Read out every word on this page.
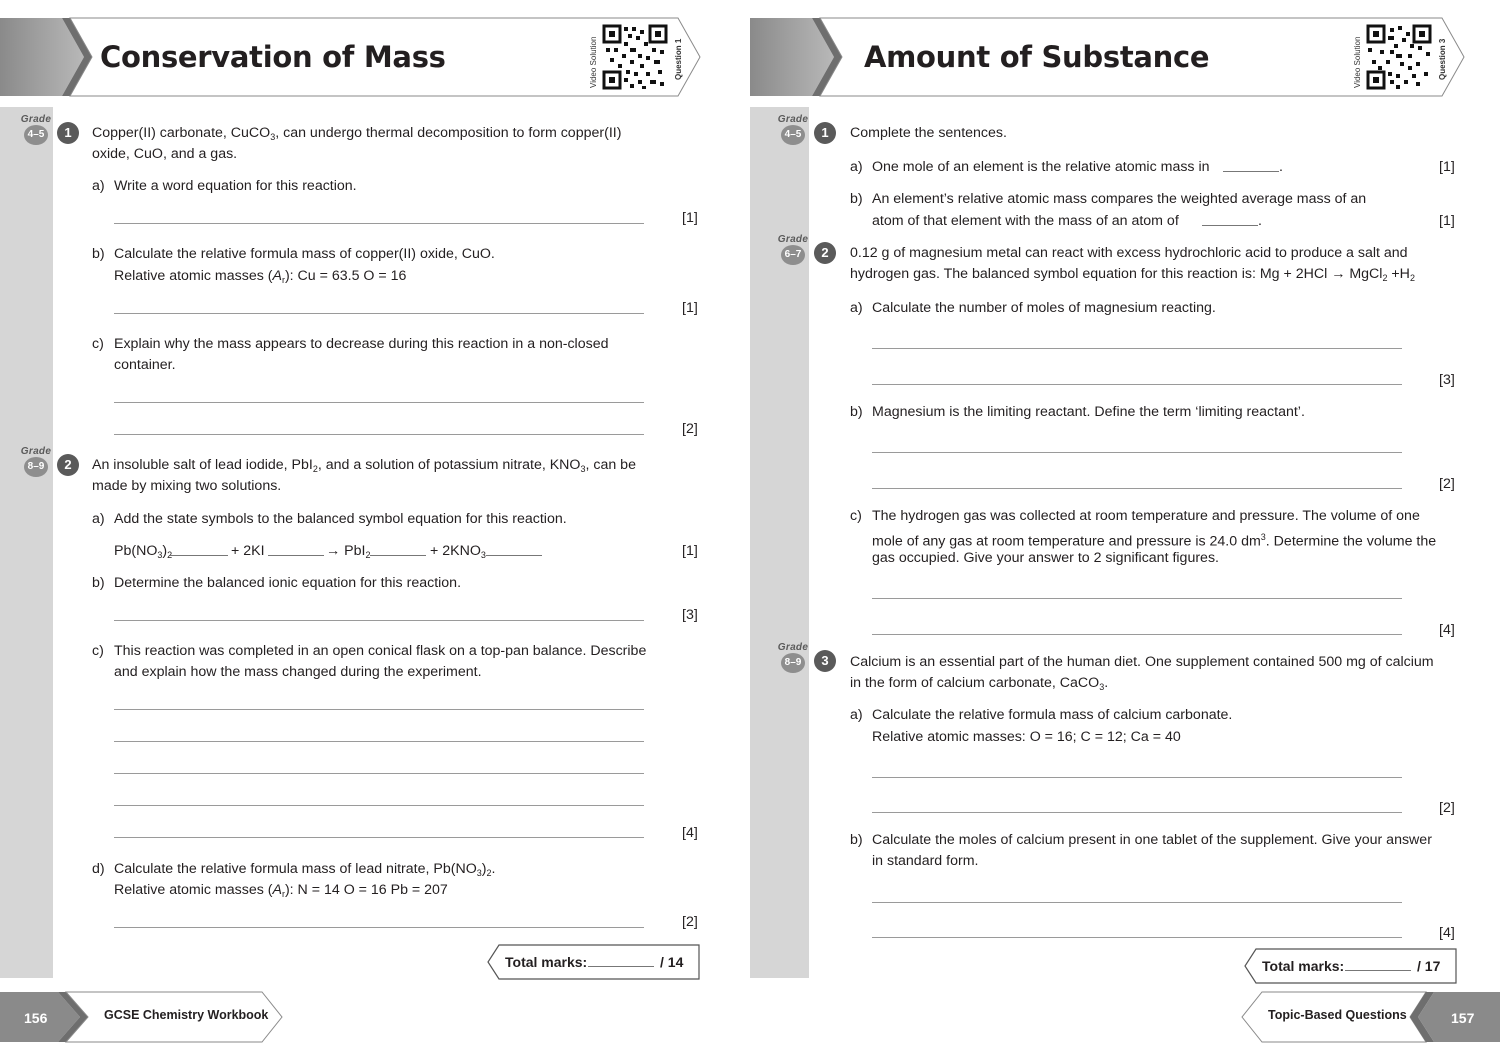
Conservation of Mass	Video Solution	Question 1
Grade
4–5	1	Copper(II) carbonate, CuCO$_3$, can undergo thermal decomposition to form copper(II)
oxide, CuO, and a gas.
a) Write a word equation for this reaction.
[1]
b) Calculate the relative formula mass of copper(II) oxide, CuO.
Relative atomic masses $(A_r)$: Cu = 63.5 O = 16
[1]
c) Explain why the mass appears to decrease during this reaction in a non-closed
container.
[2]
Grade
8–9	2	An insoluble salt of lead iodide, PbI$_2$, and a solution of potassium nitrate, $KNO_3$, can be
made by mixing two solutions.
a) Add the state symbols to the balanced symbol equation for this reaction.
$Pb(NO_3)_2$	+ 2KI	→ PbI$_2$	+ $2KNO_3$	[1]
b) Determine the balanced ionic equation for this reaction.
[3]
c) This reaction was completed in an open conical flask on a top-pan balance. Describe
and explain how the mass changed during the experiment.
[4]
d) Calculate the relative formula mass of lead nitrate, $Pb(NO_3)_2$.
Relative atomic masses $(A_r)$: N = 14 O = 16 Pb = 207
[2]
Total marks:	/ 14
156	GCSE Chemistry Workbook
Amount of Substance	Video Solution	Question 3
Grade
4–5	1	Complete the sentences.
a) One mole of an element is the relative atomic mass in	.	[1]
b) An element’s relative atomic mass compares the weighted average mass of an
atom of that element with the mass of an atom of	.	[1]
Grade
6–7	2	0.12 g of magnesium metal can react with excess hydrochloric acid to produce a salt and
hydrogen gas. The balanced symbol equation for this reaction is: Mg + 2HCl → MgCl$_2$ $+H_2$
a) Calculate the number of moles of magnesium reacting.
[3]
b) Magnesium is the limiting reactant. Define the term ‘limiting reactant’.
[2]
c) The hydrogen gas was collected at room temperature and pressure. The volume of one
mole of any gas at room temperature and pressure is 24.0 $dm^3$. Determine the volume the
gas occupied. Give your answer to 2 significant figures.
[4]
Grade
8–9	3	Calcium is an essential part of the human diet. One supplement contained 500 mg of calcium
in the form of calcium carbonate, CaCO$_3$.
a) Calculate the relative formula mass of calcium carbonate.
Relative atomic masses: O = 16; C = 12; Ca = 40
[2]
b) Calculate the moles of calcium present in one tablet of the supplement. Give your answer
in standard form.
[4]
Total marks:	/ 17
Topic-Based Questions	157
